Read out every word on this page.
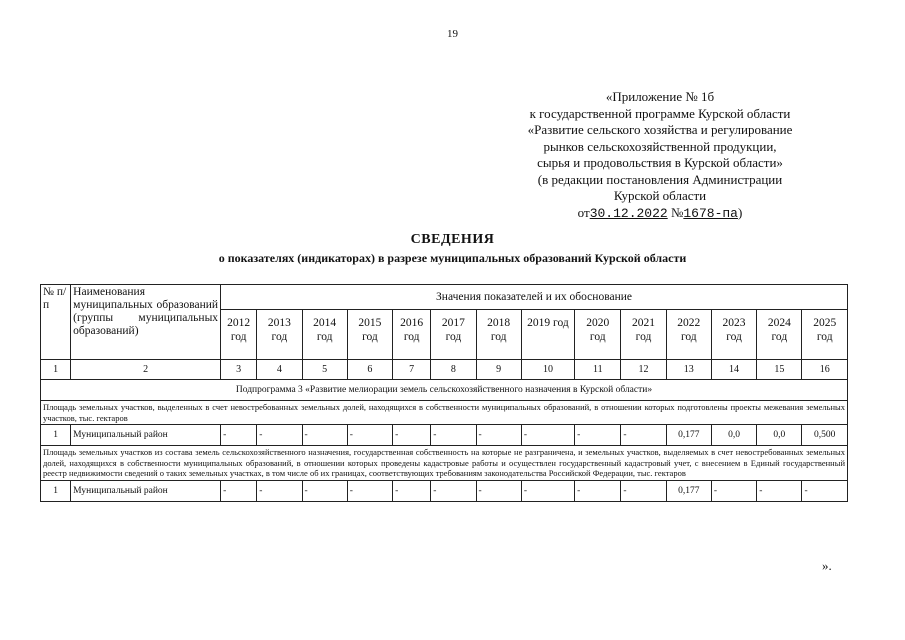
19
«Приложение № 1б
к государственной программе Курской области
«Развитие сельского хозяйства и регулирование
рынков сельскохозяйственной продукции,
сырья и продовольствия в Курской области»
(в редакции постановления Администрации
Курской области
от30.12.2022 №1678-па)
СВЕДЕНИЯ
о показателях (индикаторах) в разрезе муниципальных образований Курской области
№ п/п	Наименования муниципальных образований (группы муниципальных образований)	Значения показателей и их обоснование													
		2012 год	2013 год	2014 год	2015 год	2016 год	2017 год	2018 год	2019 год	2020 год	2021 год	2022 год	2023 год	2024 год	2025 год
1	2	3	4	5	6	7	8	9	10	11	12	13	14	15	16
Подпрограмма 3 «Развитие мелиорации земель сельскохозяйственного назначения в Курской области»															
Площадь земельных участков, выделенных в счет невостребованных земельных долей, находящихся в собственности муниципальных образований, в отношении которых подготовлены проекты межевания земельных участков, тыс. гектаров															
1	Муниципальный район	-	-	-	-	-	-	-	-	-	-	0,177	0,0	0,0	0,500
Площадь земельных участков из состава земель сельскохозяйственного назначения, государственная собственность на которые не разграничена, и земельных участков, выделяемых в счет невостребованных земельных долей, находящихся в собственности муниципальных образований, в отношении которых проведены кадастровые работы и осуществлен государственный кадастровый учет, с внесением в Единый государственный реестр недвижимости сведений о таких земельных участках, в том числе об их границах, соответствующих требованиям законодательства Российской Федерации, тыс. гектаров															
1	Муниципальный район	-	-	-	-	-	-	-	-	-	-	0,177	-	-	-
».
